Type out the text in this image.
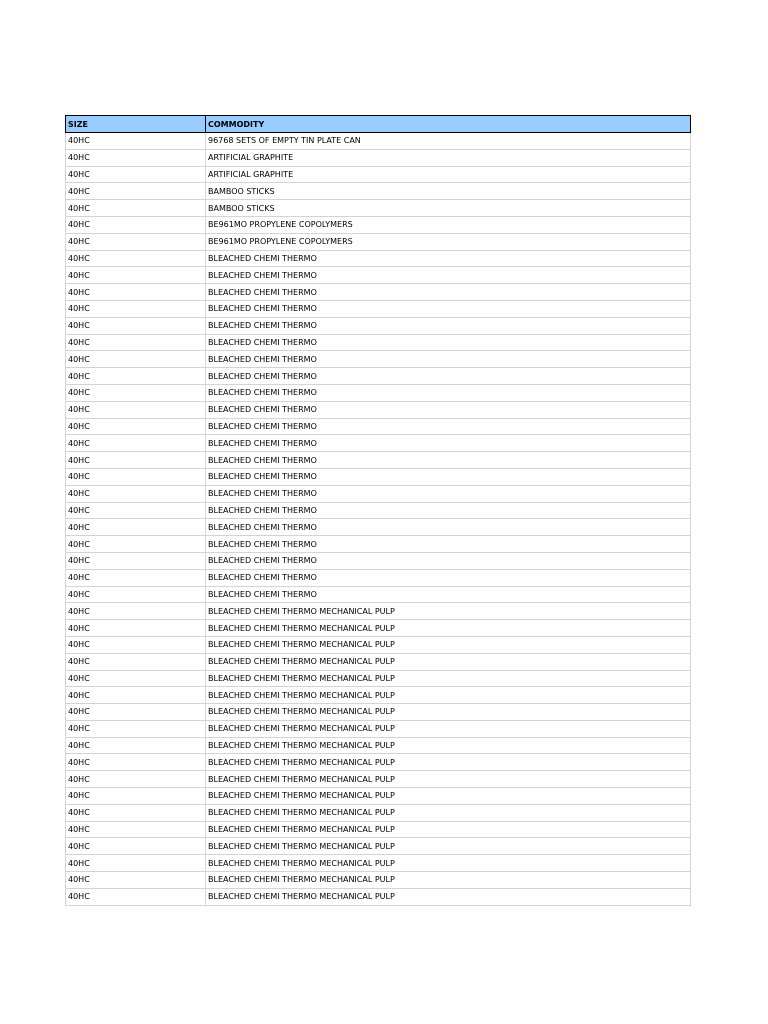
SIZE	COMMODITY
40HC	96768 SETS OF EMPTY TIN PLATE CAN
40HC	ARTIFICIAL GRAPHITE
40HC	ARTIFICIAL GRAPHITE
40HC	BAMBOO STICKS
40HC	BAMBOO STICKS
40HC	BE961MO PROPYLENE COPOLYMERS
40HC	BE961MO PROPYLENE COPOLYMERS
40HC	BLEACHED CHEMI THERMO
40HC	BLEACHED CHEMI THERMO
40HC	BLEACHED CHEMI THERMO
40HC	BLEACHED CHEMI THERMO
40HC	BLEACHED CHEMI THERMO
40HC	BLEACHED CHEMI THERMO
40HC	BLEACHED CHEMI THERMO
40HC	BLEACHED CHEMI THERMO
40HC	BLEACHED CHEMI THERMO
40HC	BLEACHED CHEMI THERMO
40HC	BLEACHED CHEMI THERMO
40HC	BLEACHED CHEMI THERMO
40HC	BLEACHED CHEMI THERMO
40HC	BLEACHED CHEMI THERMO
40HC	BLEACHED CHEMI THERMO
40HC	BLEACHED CHEMI THERMO
40HC	BLEACHED CHEMI THERMO
40HC	BLEACHED CHEMI THERMO
40HC	BLEACHED CHEMI THERMO
40HC	BLEACHED CHEMI THERMO
40HC	BLEACHED CHEMI THERMO
40HC	BLEACHED CHEMI THERMO MECHANICAL PULP
40HC	BLEACHED CHEMI THERMO MECHANICAL PULP
40HC	BLEACHED CHEMI THERMO MECHANICAL PULP
40HC	BLEACHED CHEMI THERMO MECHANICAL PULP
40HC	BLEACHED CHEMI THERMO MECHANICAL PULP
40HC	BLEACHED CHEMI THERMO MECHANICAL PULP
40HC	BLEACHED CHEMI THERMO MECHANICAL PULP
40HC	BLEACHED CHEMI THERMO MECHANICAL PULP
40HC	BLEACHED CHEMI THERMO MECHANICAL PULP
40HC	BLEACHED CHEMI THERMO MECHANICAL PULP
40HC	BLEACHED CHEMI THERMO MECHANICAL PULP
40HC	BLEACHED CHEMI THERMO MECHANICAL PULP
40HC	BLEACHED CHEMI THERMO MECHANICAL PULP
40HC	BLEACHED CHEMI THERMO MECHANICAL PULP
40HC	BLEACHED CHEMI THERMO MECHANICAL PULP
40HC	BLEACHED CHEMI THERMO MECHANICAL PULP
40HC	BLEACHED CHEMI THERMO MECHANICAL PULP
40HC	BLEACHED CHEMI THERMO MECHANICAL PULP
